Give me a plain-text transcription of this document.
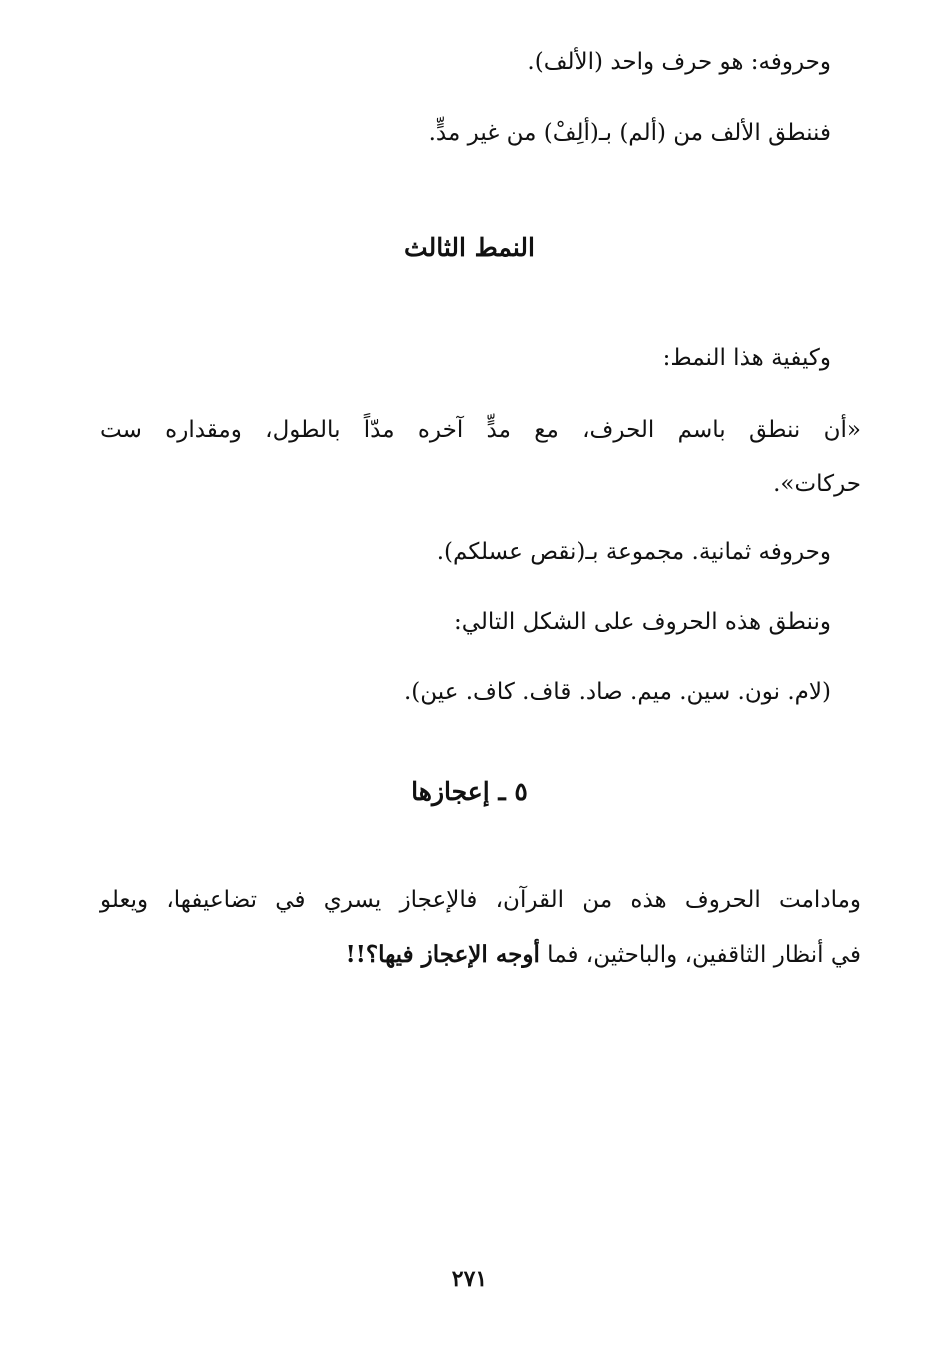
وحروفه: هو حرف واحد (الألف).
فننطق الألف من (ألم) بـ(ألِفْ) من غير مدٍّ.
النمط الثالث
وكيفية هذا النمط:
«أن ننطق باسم الحرف، مع مدٍّ آخره مدّاً بالطول، ومقداره ست
حركات».
وحروفه ثمانية. مجموعة بـ(نقص عسلكم).
وننطق هذه الحروف على الشكل التالي:
(لام. نون. سين. ميم. صاد. قاف. كاف. عين).
٥ ـ إعجازها
ومادامت الحروف هذه من القرآن، فالإعجاز يسري في تضاعيفها، ويعلو
في أنظار الثاقفين، والباحثين، فما أوجه الإعجاز فيها؟!!
٢٧١
